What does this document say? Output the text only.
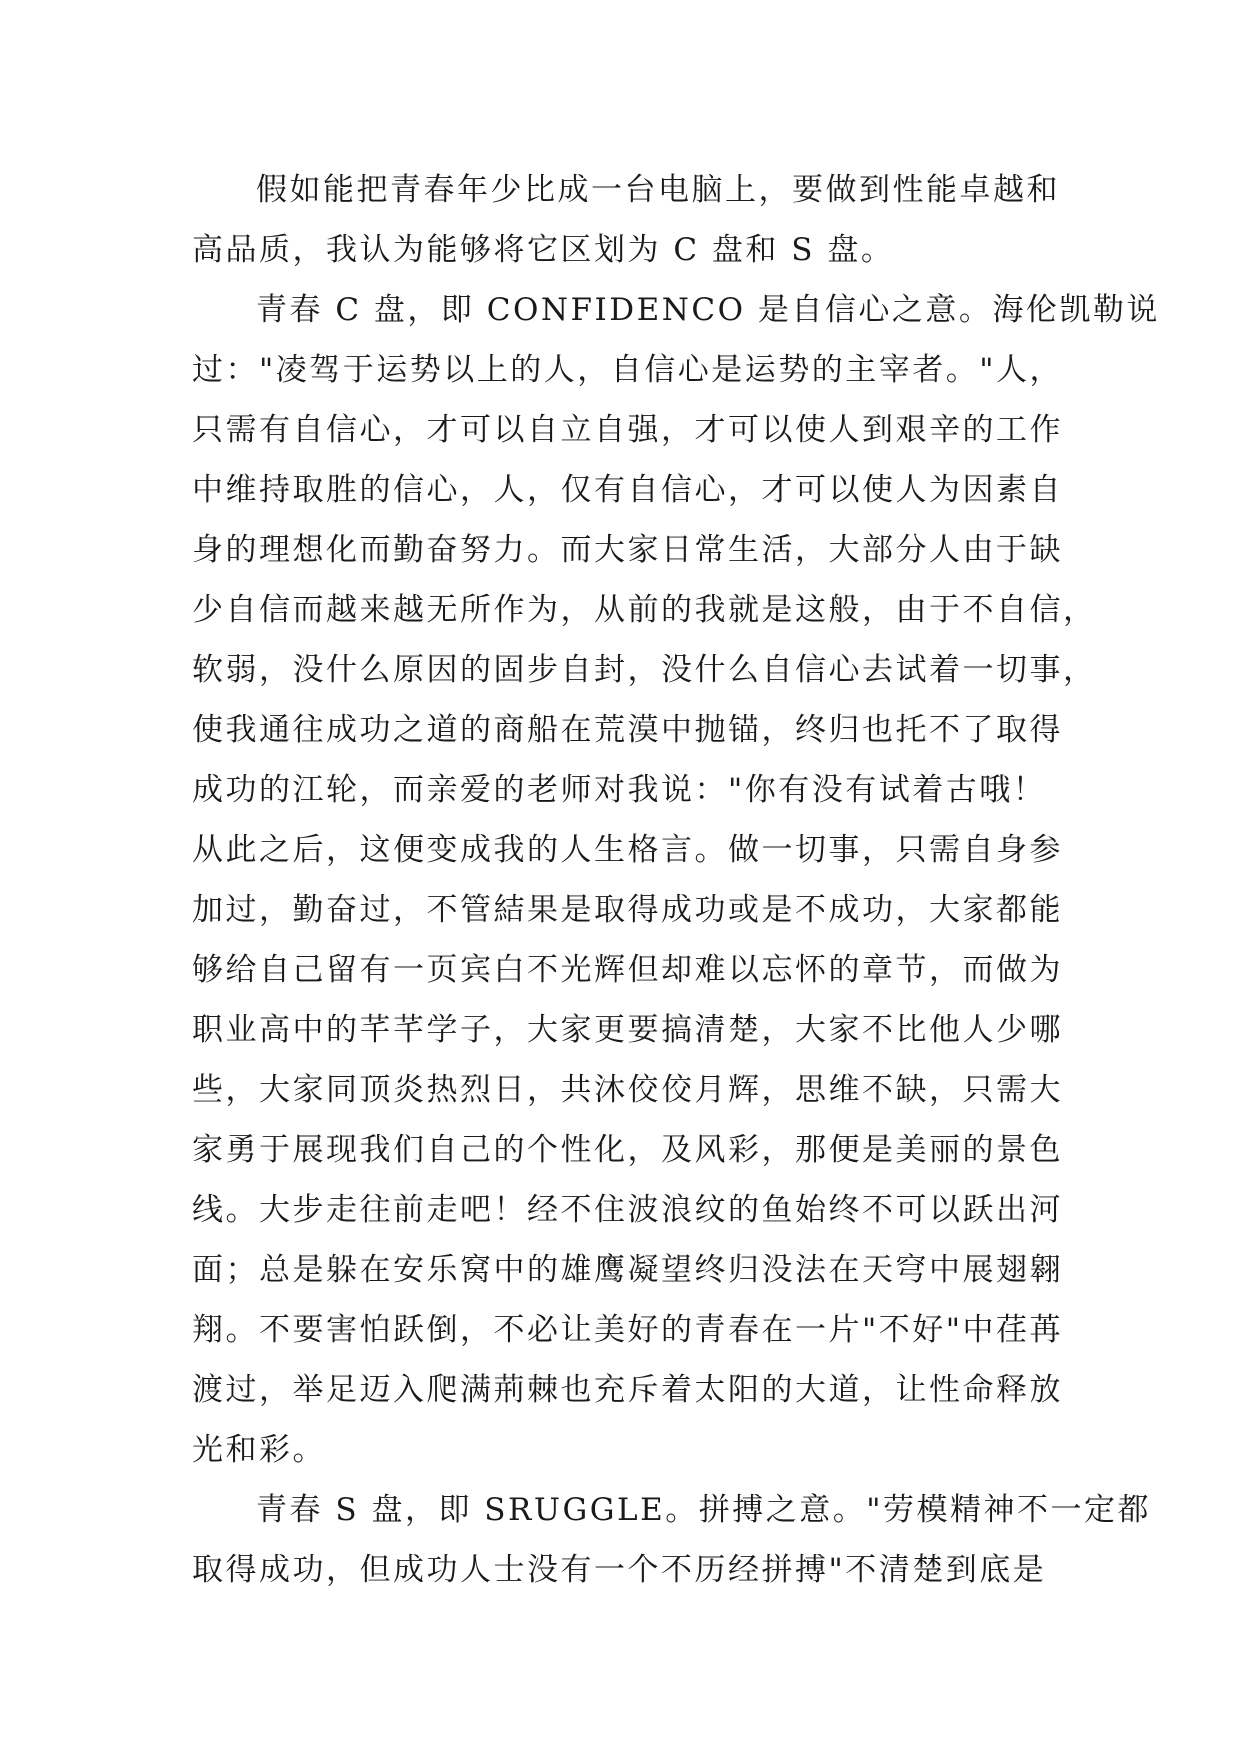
假如能把青春年少比成一台电脑上，要做到性能卓越和
高品质，我认为能够将它区划为 C 盘和 S 盘。
青春 C 盘，即 CONFIDENCO 是自信心之意。海伦凯勒说
过："凌驾于运势以上的人，自信心是运势的主宰者。"人，
只需有自信心，才可以自立自强，才可以使人到艰辛的工作
中维持取胜的信心，人，仅有自信心，才可以使人为因素自
身的理想化而勤奋努力。而大家日常生活，大部分人由于缺
少自信而越来越无所作为，从前的我就是这般，由于不自信，
软弱，没什么原因的固步自封，没什么自信心去试着一切事，
使我通往成功之道的商船在荒漠中抛锚，终归也托不了取得
成功的江轮，而亲爱的老师对我说："你有没有试着古哦！
从此之后，这便变成我的人生格言。做一切事，只需自身参
加过，勤奋过，不管結果是取得成功或是不成功，大家都能
够给自己留有一页宾白不光辉但却难以忘怀的章节，而做为
职业高中的芊芊学子，大家更要搞清楚，大家不比他人少哪
些，大家同顶炎热烈日，共沐佼佼月辉，思维不缺，只需大
家勇于展现我们自己的个性化，及风彩，那便是美丽的景色
线。大步走往前走吧！经不住波浪纹的鱼始终不可以跃出河
面；总是躲在安乐窝中的雄鹰凝望终归没法在天穹中展翅翱
翔。不要害怕跃倒，不必让美好的青春在一片"不好"中荏苒
渡过，举足迈入爬满荊棘也充斥着太阳的大道，让性命释放
光和彩。
青春 S 盘，即 SRUGGLE。拼搏之意。"劳模精神不一定都
取得成功，但成功人士没有一个不历经拼搏"不清楚到底是
